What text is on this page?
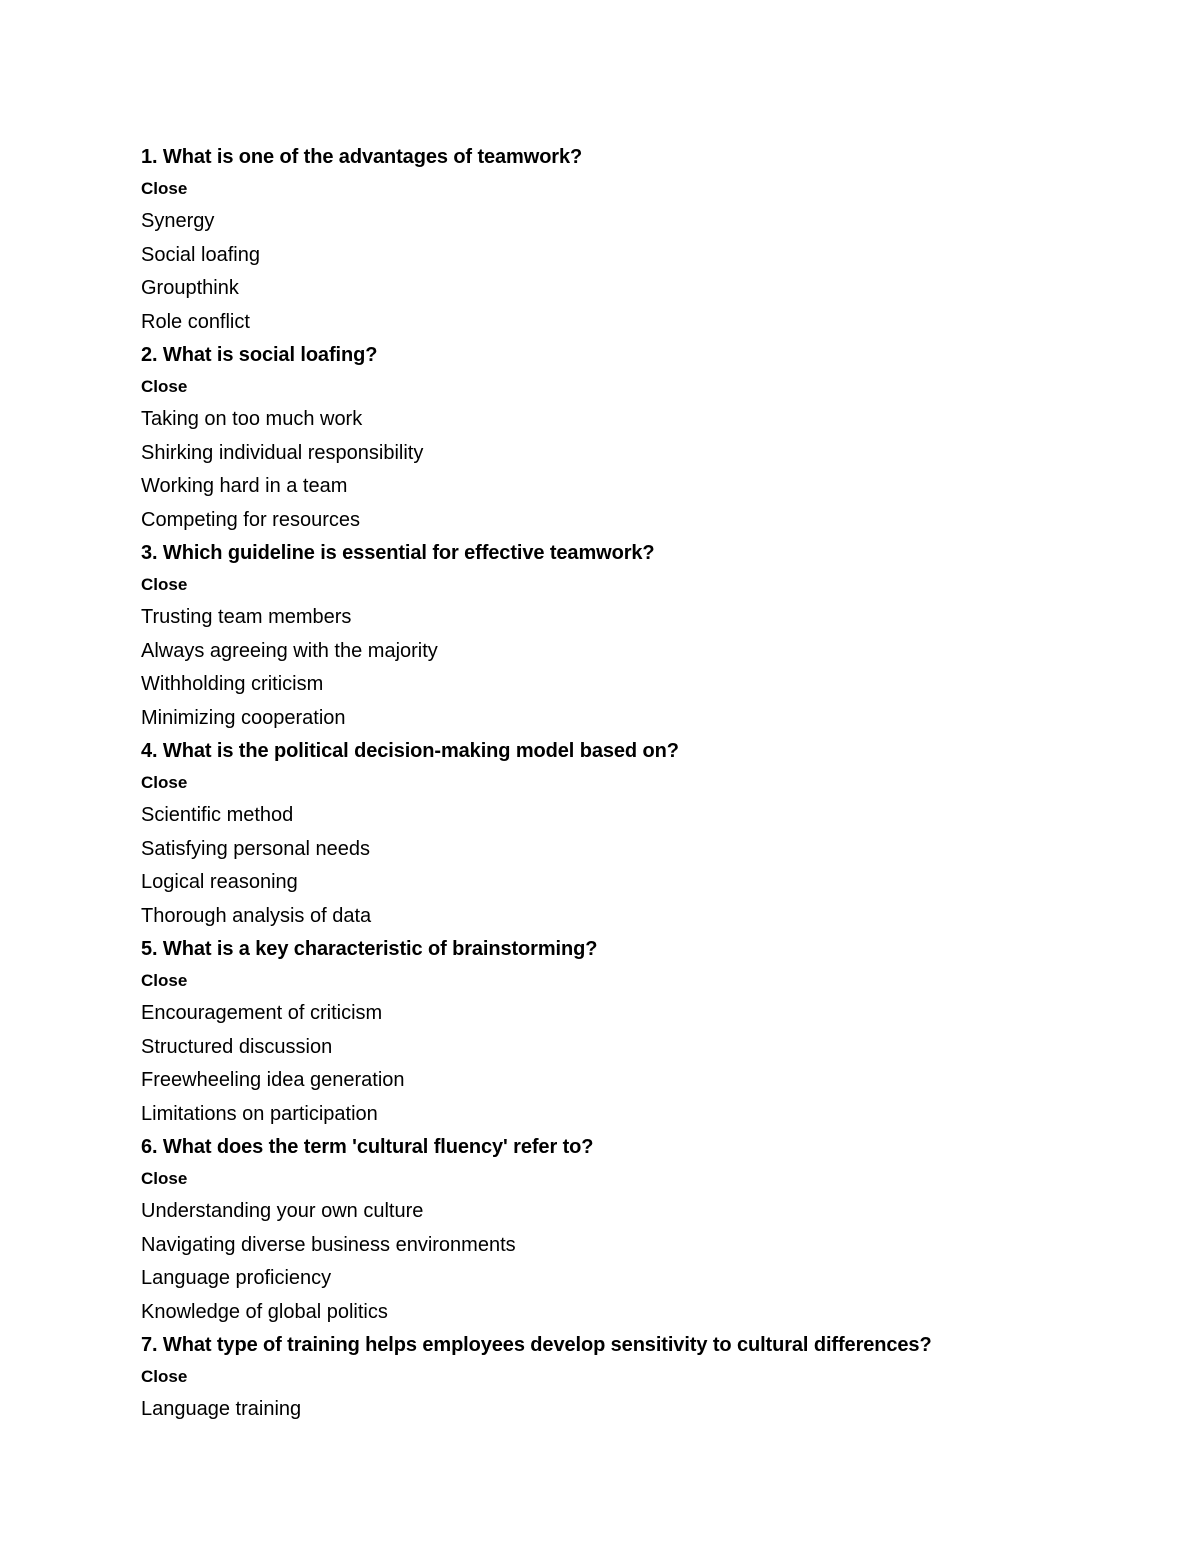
1. What is one of the advantages of teamwork?
Close
Synergy
Social loafing
Groupthink
Role conflict
2. What is social loafing?
Close
Taking on too much work
Shirking individual responsibility
Working hard in a team
Competing for resources
3. Which guideline is essential for effective teamwork?
Close
Trusting team members
Always agreeing with the majority
Withholding criticism
Minimizing cooperation
4. What is the political decision-making model based on?
Close
Scientific method
Satisfying personal needs
Logical reasoning
Thorough analysis of data
5. What is a key characteristic of brainstorming?
Close
Encouragement of criticism
Structured discussion
Freewheeling idea generation
Limitations on participation
6. What does the term 'cultural fluency' refer to?
Close
Understanding your own culture
Navigating diverse business environments
Language proficiency
Knowledge of global politics
7. What type of training helps employees develop sensitivity to cultural differences?
Close
Language training
